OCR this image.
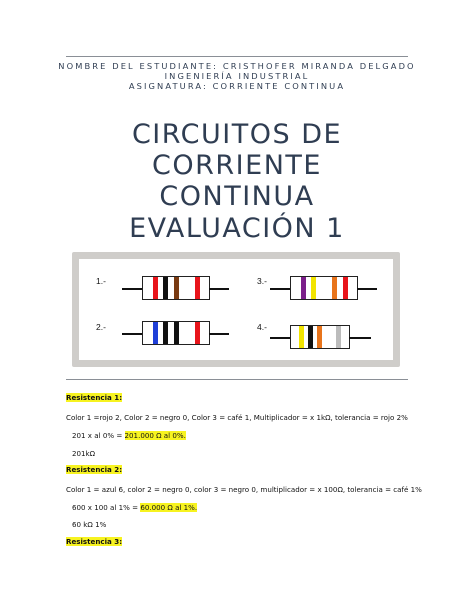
NOMBRE DEL ESTUDIANTE: CRISTHOFER MIRANDA DELGADO
INGENIERÍA INDUSTRIAL
ASIGNATURA: CORRIENTE CONTINUA
CIRCUITOS DE
CORRIENTE
CONTINUA
EVALUACIÓN 1
1.-	3.-
2.-	4.-
Resistencia 1:
Color 1 =rojo 2, Color 2 = negro 0, Color 3 = café 1, Multiplicador = x 1kΩ, tolerancia = rojo 2%
201 x al 0% = 201.000 Ω al 0%.
201kΩ
Resistencia 2:
Color 1 = azul 6, color 2 = negro 0, color 3 = negro 0, multiplicador = x 100Ω, tolerancia = café 1%
600 x 100 al 1% = 60.000 Ω al 1%.
60 kΩ 1%
Resistencia 3:
